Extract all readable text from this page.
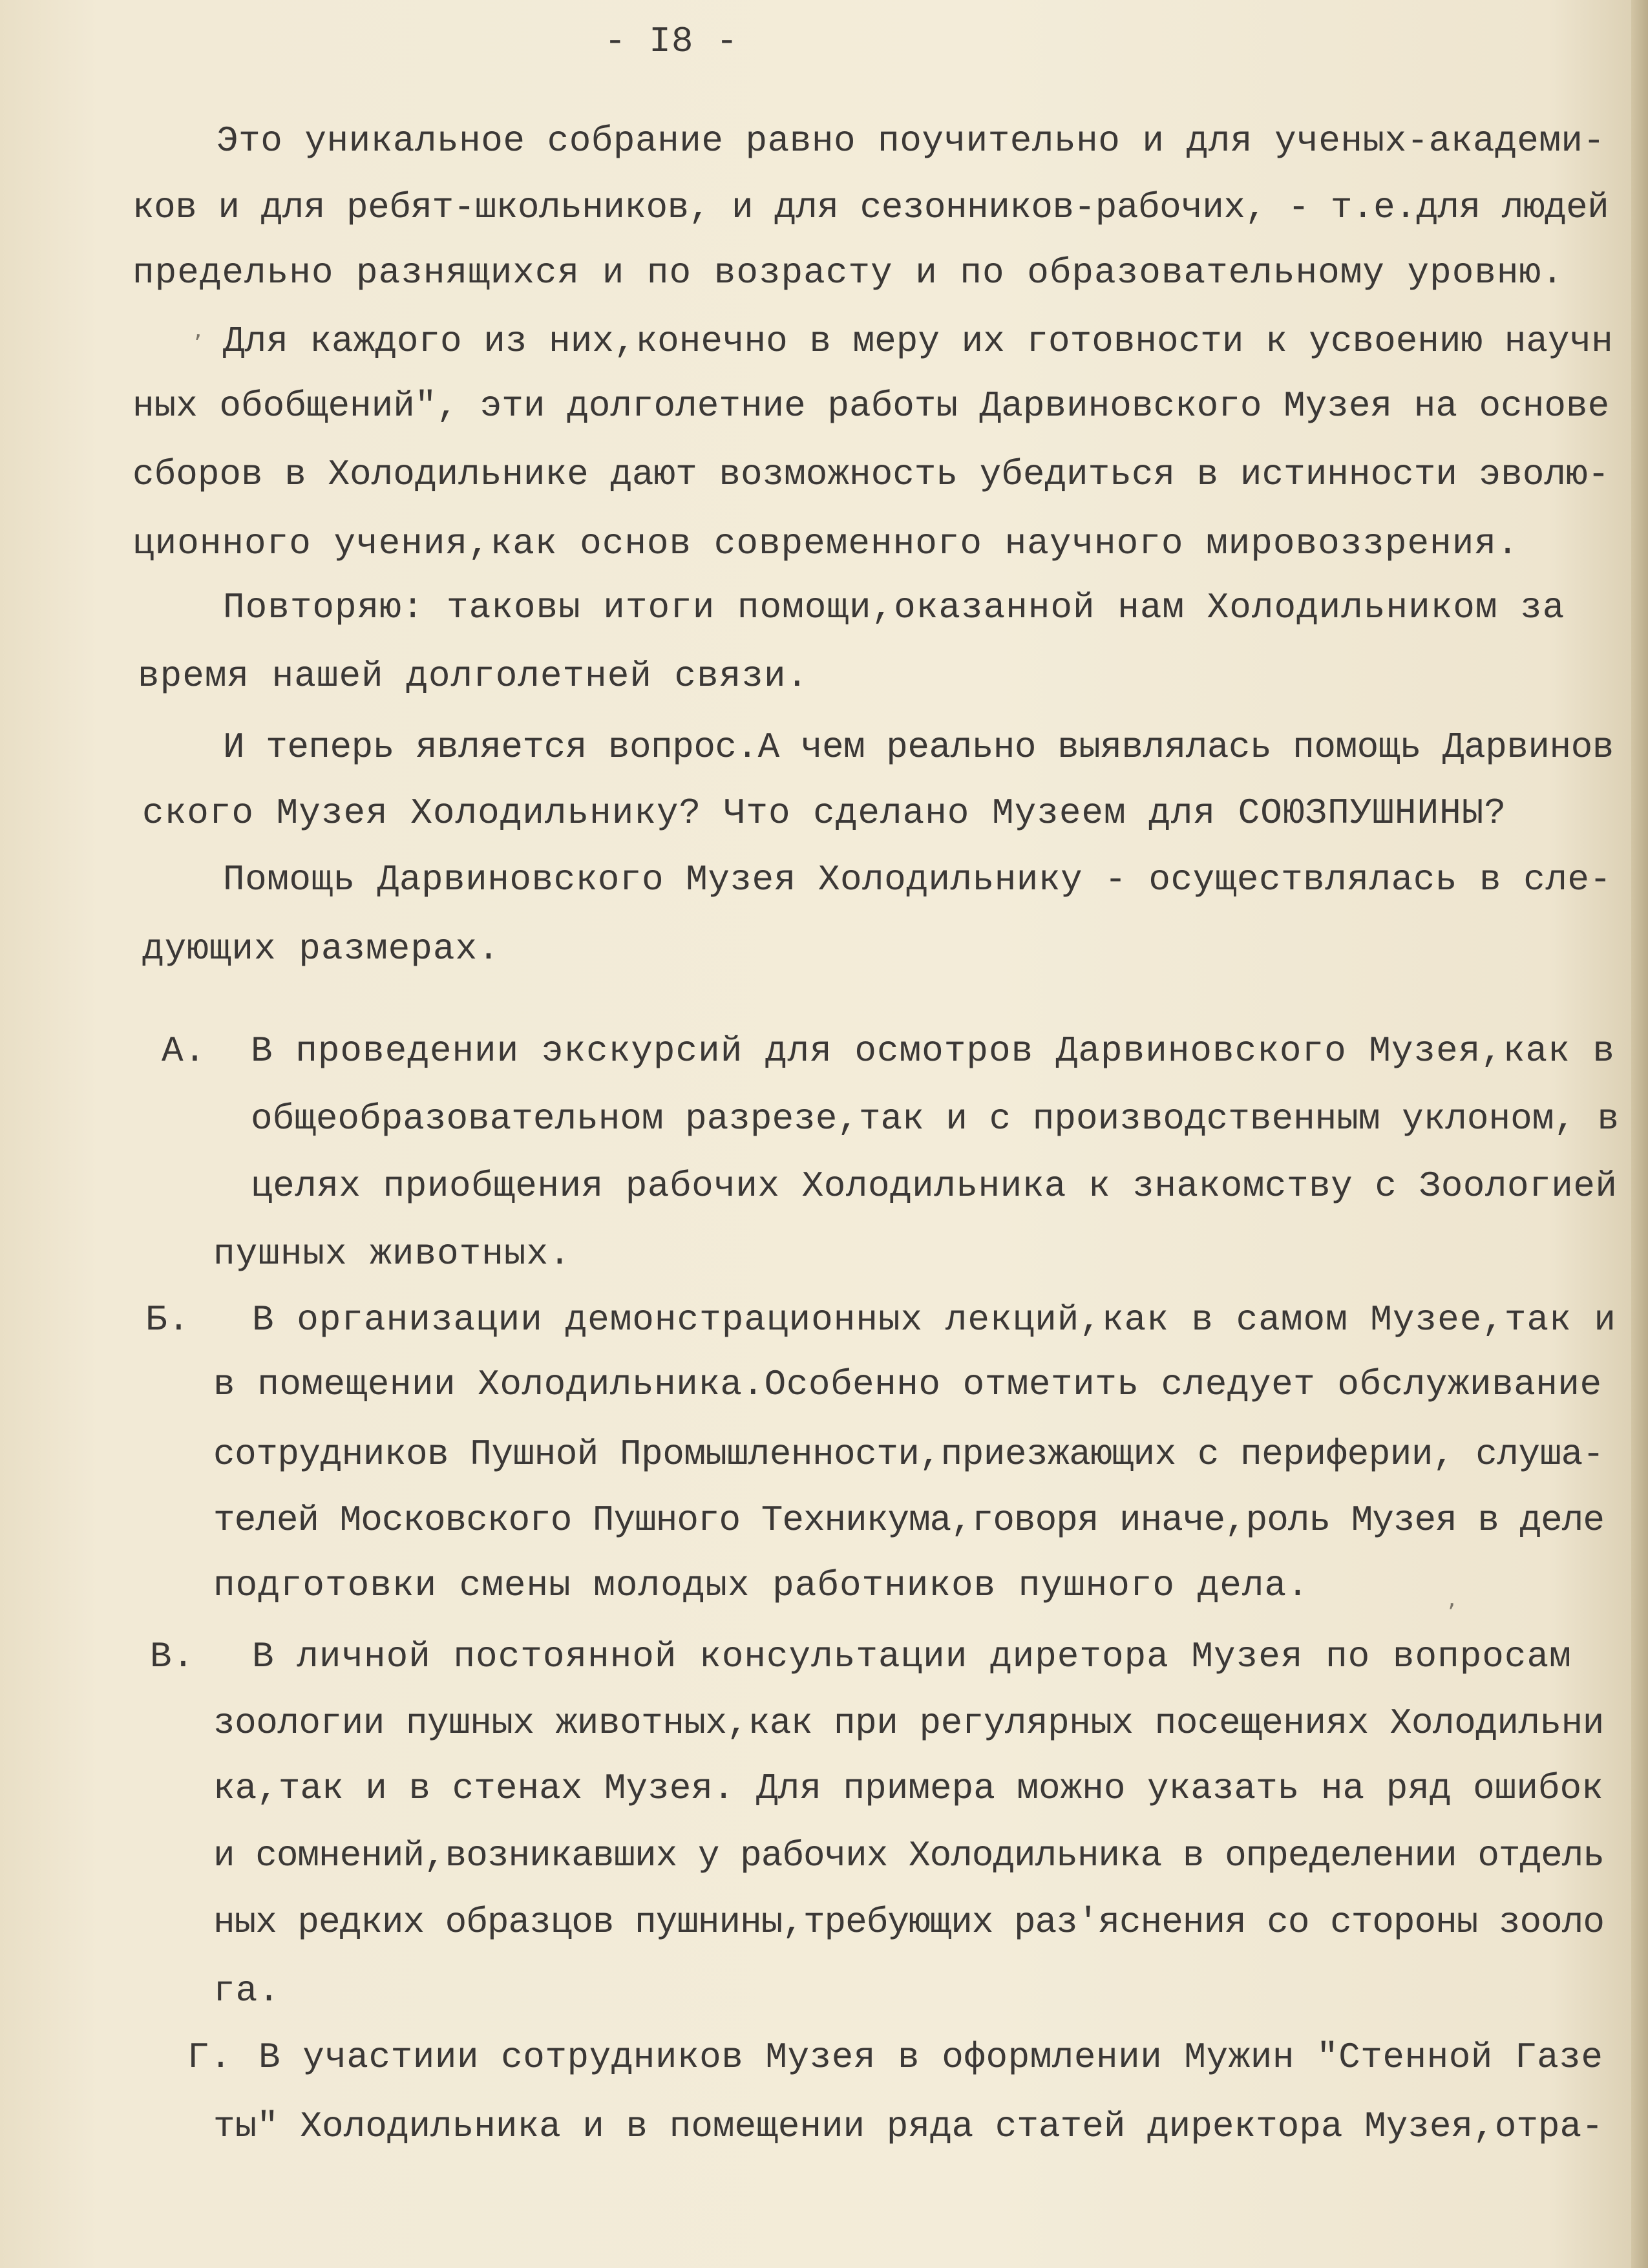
- I8 -
Это уникальное собрание равно поучительно и для ученых-академи-
ков и для ребят-школьников, и для сезонников-рабочих, - т.е.для людей
предельно разнящихся и по возрасту и по образовательному уровню.
Для каждого из них,конечно в меру их готовности к усвоению научн
ных обобщений", эти долголетние работы Дарвиновского Музея на основе
сборов в Холодильнике дают возможность убедиться в истинности эволю-
ционного учения,как основ современного научного мировоззрения.
Повторяю: таковы итоги помощи,оказанной нам Холодильником за
время нашей долголетней связи.
И теперь является вопрос.А чем реально выявлялась помощь Дарвинов
ского Музея Холодильнику? Что сделано Музеем для СОЮЗПУШНИНЫ?
Помощь Дарвиновского Музея Холодильнику - осуществлялась в сле-
дующих размерах.
А. В проведении экскурсий для осмотров Дарвиновского Музея,как в
общеобразовательном разрезе,так и с производственным уклоном, в
целях приобщения рабочих Холодильника к знакомству с Зоологией
пушных животных.
Б. В организации демонстрационных лекций,как в самом Музее,так и
в помещении Холодильника.Особенно отметить следует обслуживание
сотрудников Пушной Промышленности,приезжающих с периферии, слуша-
телей Московского Пушного Техникума,говоря иначе,роль Музея в деле
подготовки смены молодых работников пушного дела.
В. В личной постоянной консультации диретора Музея по вопросам
зоологии пушных животных,как при регулярных посещениях Холодильни
ка,так и в стенах Музея. Для примера можно указать на ряд ошибок
и сомнений,возникавших у рабочих Холодильника в определении отдель
ных редких образцов пушнины,требующих раз'яснения со стороны зооло
га.
Г. В участиии сотрудников Музея в оформлении Мужин "Стенной Газе
ты" Холодильника и в помещении ряда статей директора Музея,отра-
ʼ
‚
